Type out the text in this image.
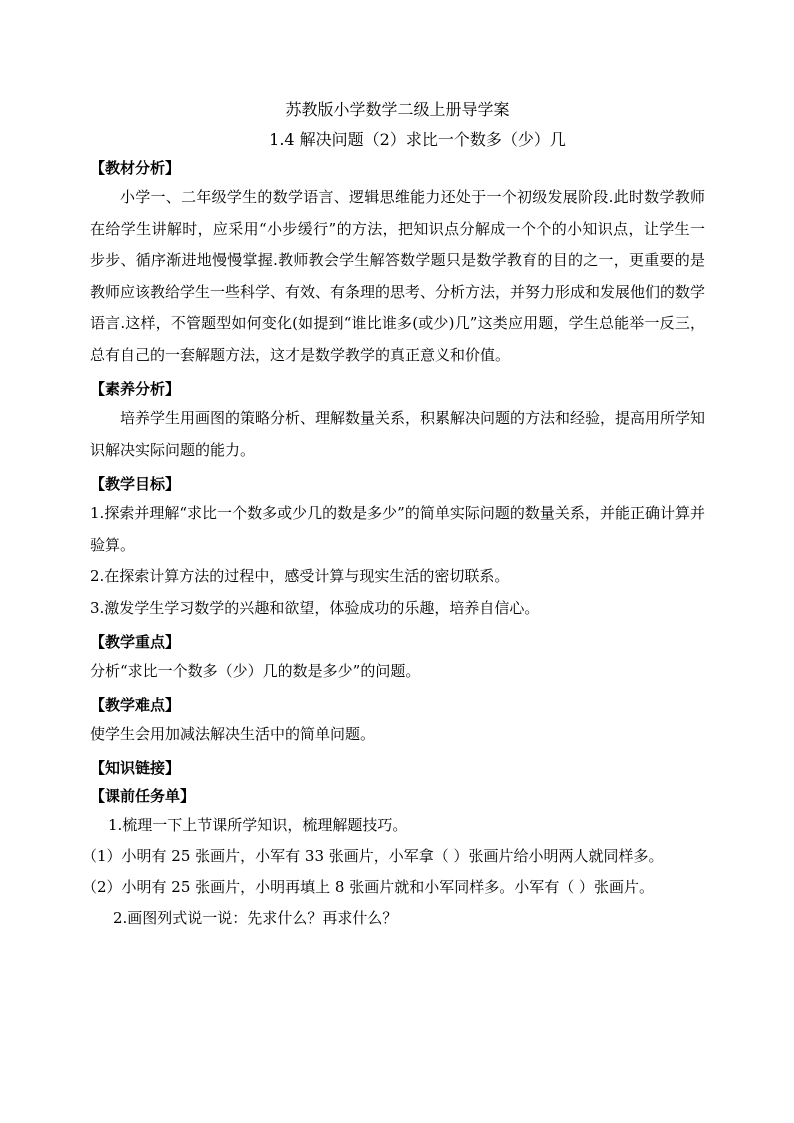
苏教版小学数学二级上册导学案

1.4 解决问题（2）求比一个数多（少）几

【教材分析】

小学一、二年级学生的数学语言、逻辑思维能力还处于一个初级发展阶段.此时数学教师在给学生讲解时，应采用“小步缓行”的方法，把知识点分解成一个个的小知识点，让学生一步步、循序渐进地慢慢掌握.教师教会学生解答数学题只是数学教育的目的之一，更重要的是教师应该教给学生一些科学、有效、有条理的思考、分析方法，并努力形成和发展他们的数学语言.这样，不管题型如何变化(如提到“谁比谁多(或少)几”这类应用题，学生总能举一反三，总有自己的一套解题方法，这才是数学教学的真正意义和价值。

【素养分析】

培养学生用画图的策略分析、理解数量关系，积累解决问题的方法和经验，提高用所学知识解决实际问题的能力。

【教学目标】

1.探索并理解“求比一个数多或少几的数是多少”的简单实际问题的数量关系，并能正确计算并验算。

2.在探索计算方法的过程中，感受计算与现实生活的密切联系。

3.激发学生学习数学的兴趣和欲望，体验成功的乐趣，培养自信心。

【教学重点】

分析“求比一个数多（少）几的数是多少”的问题。

【教学难点】

使学生会用加减法解决生活中的简单问题。

【知识链接】

【课前任务单】

1.梳理一下上节课所学知识，梳理解题技巧。

（1）小明有 25 张画片，小军有 33 张画片，小军拿（ ）张画片给小明两人就同样多。

（2）小明有 25 张画片，小明再填上 8 张画片就和小军同样多。小军有（ ）张画片。

2.画图列式说一说：先求什么？再求什么？
